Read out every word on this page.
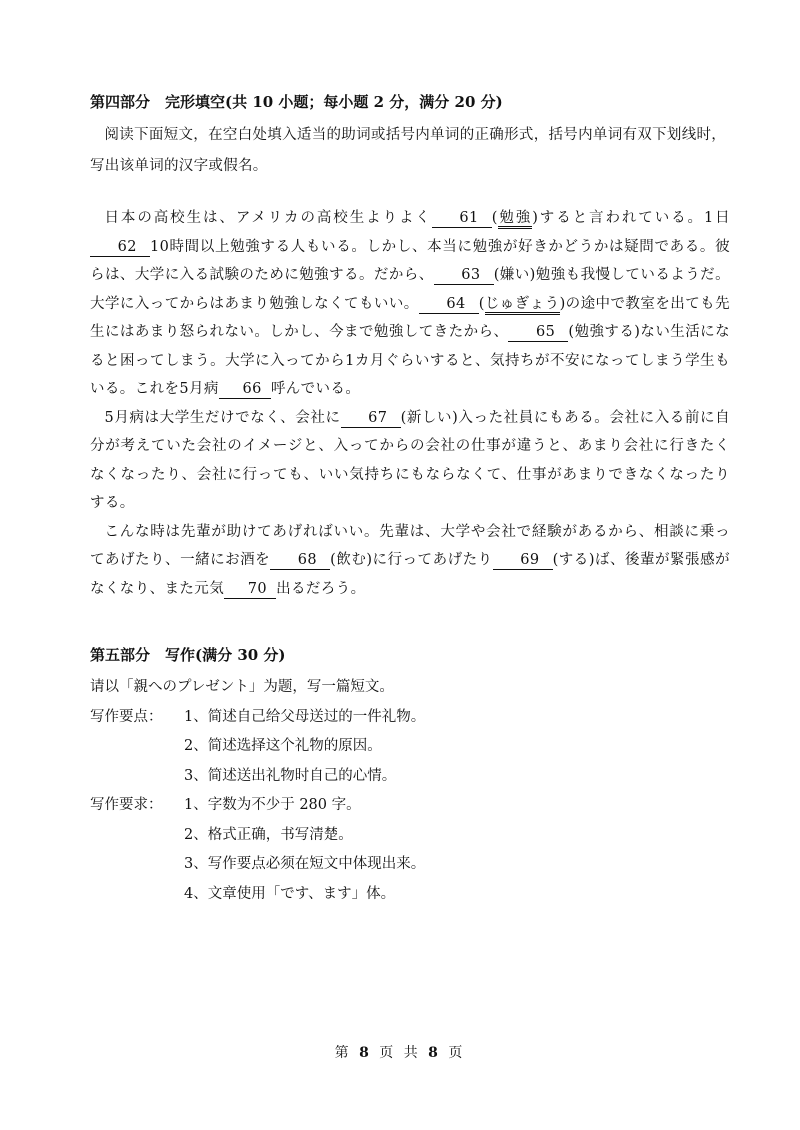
第四部分　完形填空(共 10 小题；每小题 2 分，满分 20 分)

阅读下面短文，在空白处填入适当的助词或括号内单词的正确形式，括号内单词有双下划线时，写出该单词的汉字或假名。

日本の高校生は、アメリカの高校生よりよく 61 (勉強)すると言われている。1日62 10時間以上勉強する人もいる。しかし、本当に勉強が好きかどうかは疑問である。彼らは、大学に入る試験のために勉強する。だから、 63 (嫌い)勉強も我慢しているようだ。大学に入ってからはあまり勉強しなくてもいい。 64 (じゅぎょう)の途中で教室を出ても先生にはあまり怒られない。しかし、今まで勉強してきたから、 65 (勉強する)ない生活になると困ってしまう。大学に入ってから1カ月ぐらいすると、気持ちが不安になってしまう学生もいる。これを5月病 66 呼んでいる。

5月病は大学生だけでなく、会社に 67 (新しい)入った社員にもある。会社に入る前に自分が考えていた会社のイメージと、入ってからの会社の仕事が違うと、あまり会社に行きたくなくなったり、会社に行っても、いい気持ちにもならなくて、仕事があまりできなくなったりする。

こんな時は先輩が助けてあげればいい。先輩は、大学や会社で経験があるから、相談に乗ってあげたり、一緒にお酒を 68 (飲む)に行ってあげたり 69 (する)ば、後輩が緊張感がなくなり、また元気 70 出るだろう。

第五部分　写作(满分 30 分)

请以「親へのプレゼント」为题，写一篇短文。

写作要点：	1、简述自己给父母送过的一件礼物。
2、简述选择这个礼物的原因。
3、简述送出礼物时自己的心情。
写作要求：	1、字数为不少于 280 字。
2、格式正确，书写清楚。
3、写作要点必须在短文中体现出来。
4、文章使用「です、ます」体。
第 8 页 共 8 页
